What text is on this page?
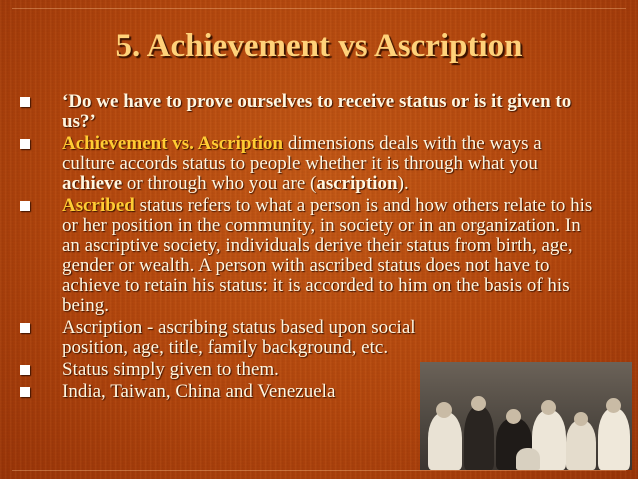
5. Achievement vs Ascription
‘Do we have to prove ourselves to receive status or is it given to us?’
Achievement vs. Ascription dimensions deals with the ways a culture accords status to people whether it is through what you achieve or through who you are (ascription).
Ascribed status refers to what a person is and how others relate to his or her position in the community, in society or in an organization. In an ascriptive society, individuals derive their status from birth, age, gender or wealth. A person with ascribed status does not have to achieve to retain his status: it is accorded to him on the basis of his being.
Ascription - ascribing status based upon social position, age, title, family background, etc.
Status simply given to them.
India, Taiwan, China and Venezuela
